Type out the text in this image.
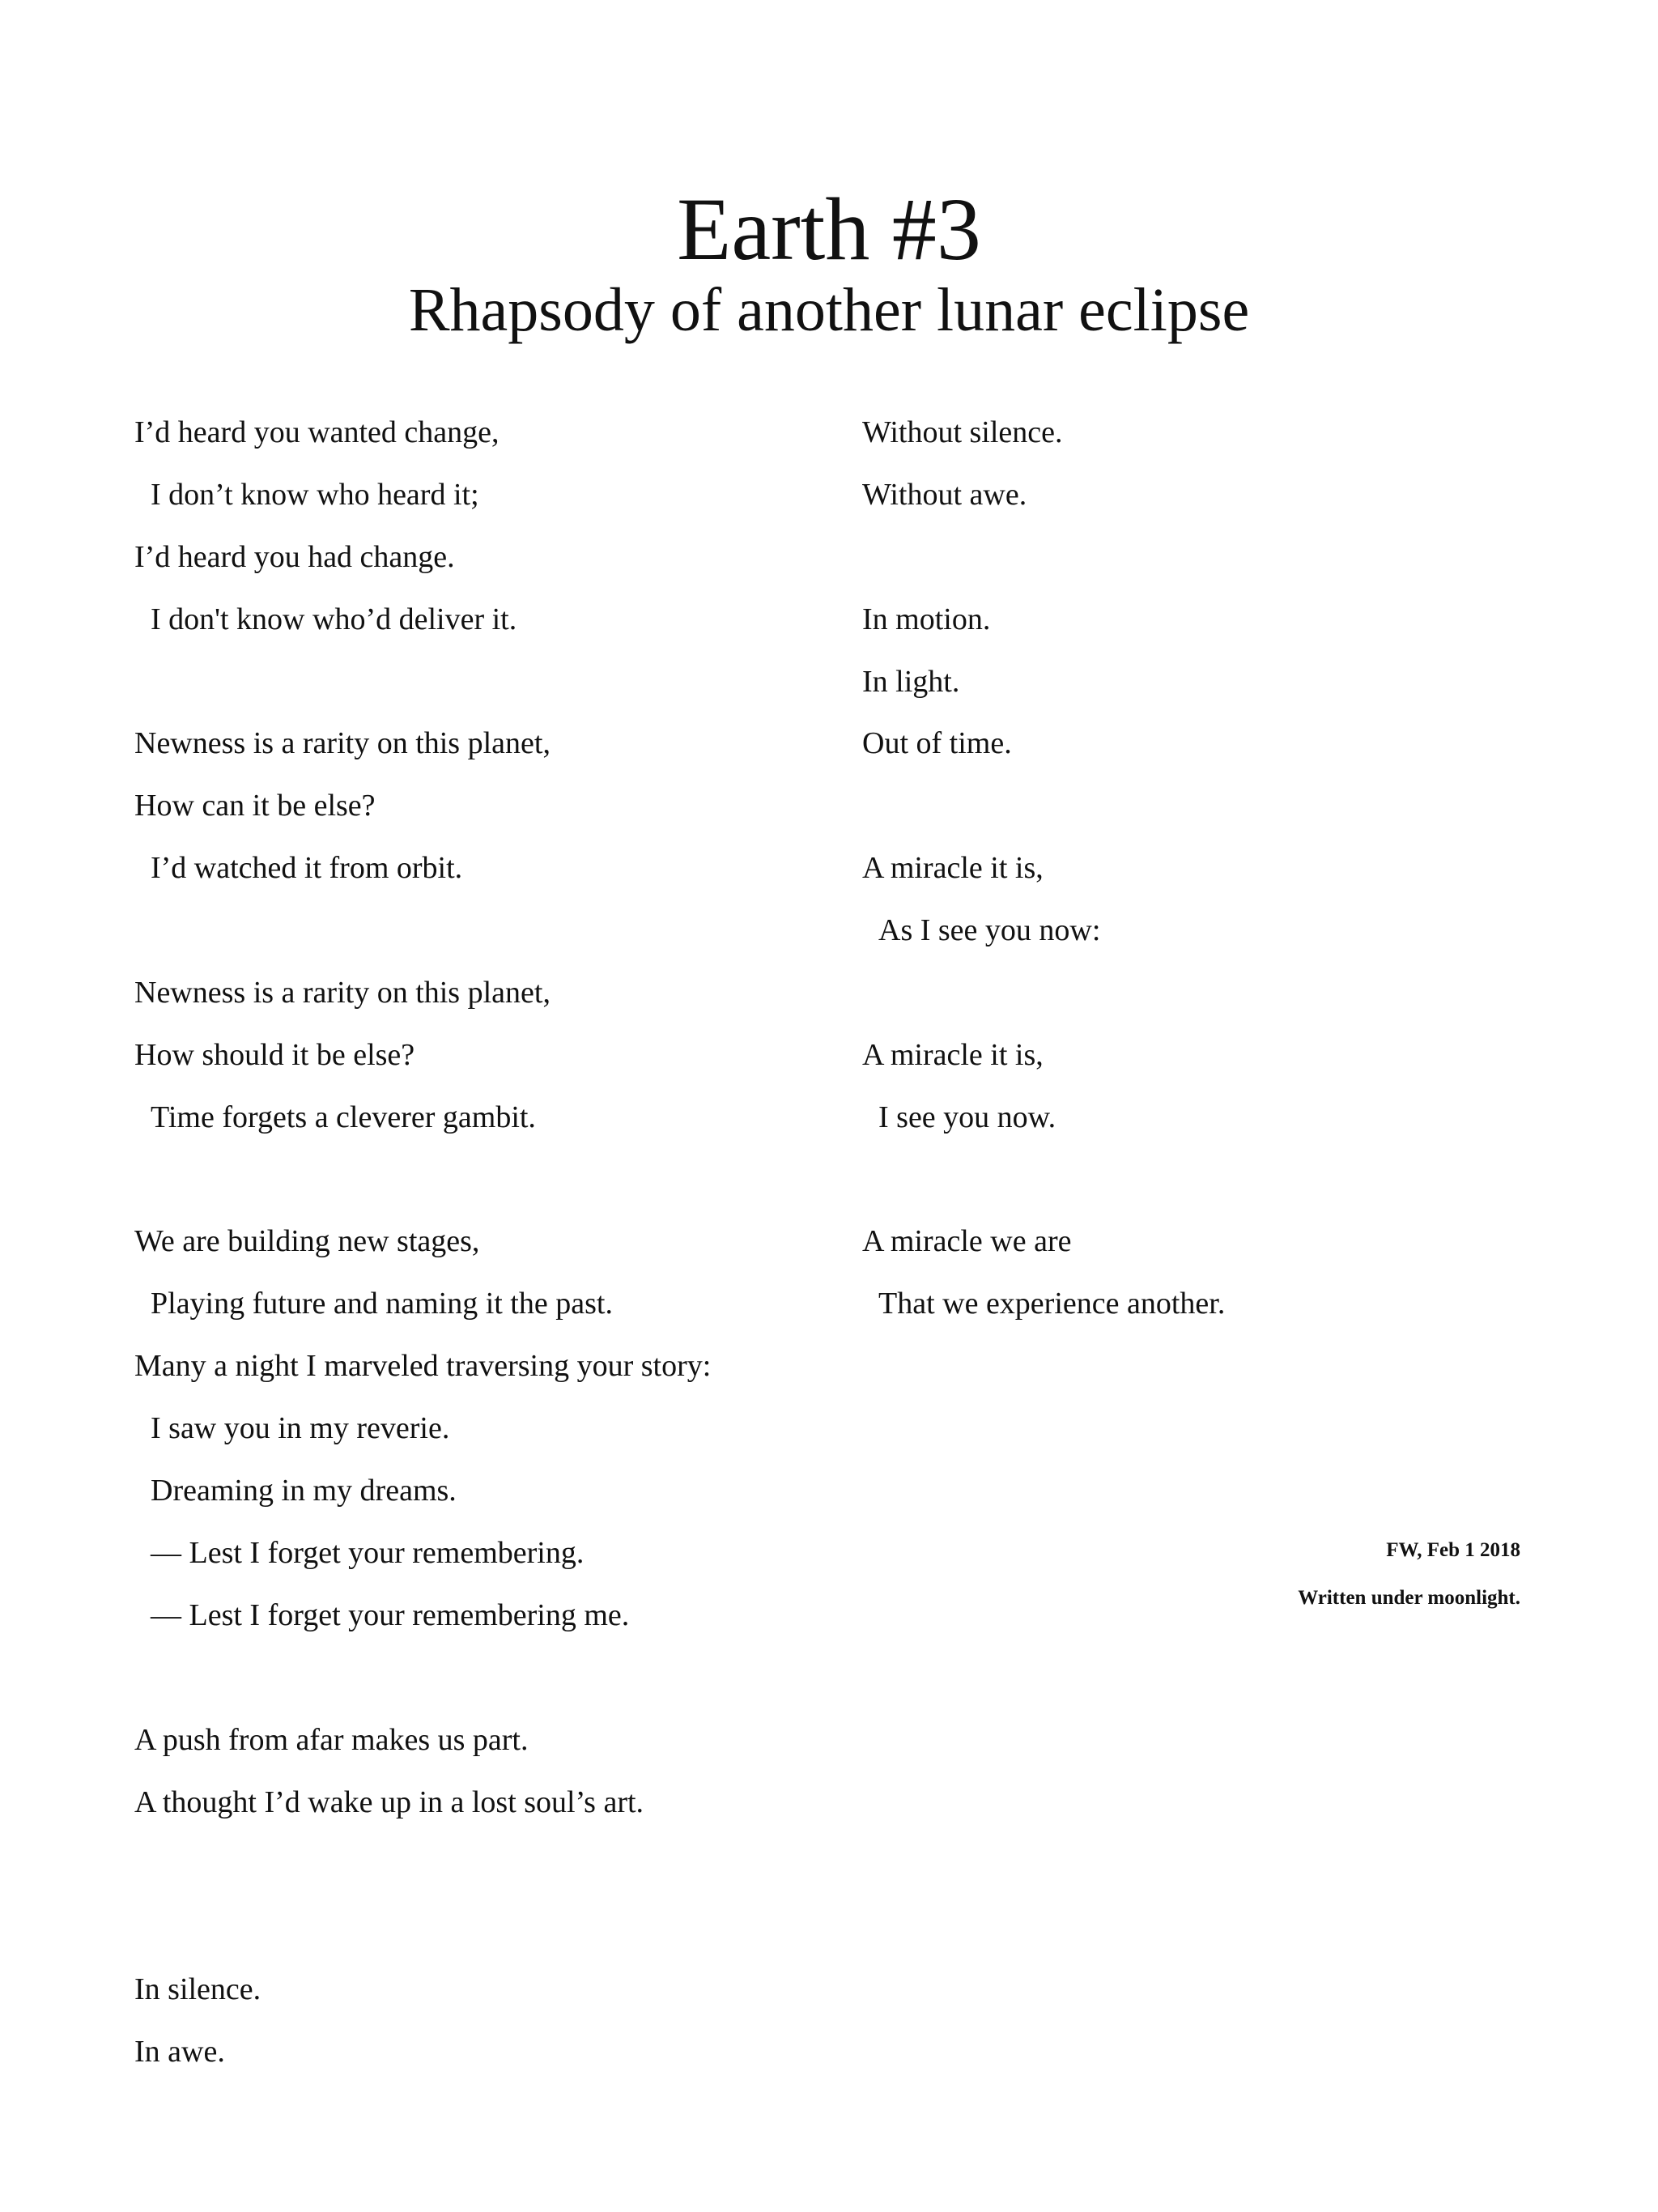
Earth #3
Rhapsody of another lunar eclipse
I’d heard you wanted change,
I don’t know who heard it;
I’d heard you had change.
I don't know who’d deliver it.
Newness is a rarity on this planet,
How can it be else?
I’d watched it from orbit.
Newness is a rarity on this planet,
How should it be else?
Time forgets a cleverer gambit.
We are building new stages,
Playing future and naming it the past.
Many a night I marveled traversing your story:
I saw you in my reverie.
Dreaming in my dreams.
— Lest I forget your remembering.
— Lest I forget your remembering me.
A push from afar makes us part.
A thought I’d wake up in a lost soul’s art.
In silence.
In awe.
Without silence.
Without awe.
In motion.
In light.
Out of time.
A miracle it is,
As I see you now:
A miracle it is,
I see you now.
A miracle we are
That we experience another.
FW, Feb 1 2018
Written under moonlight.
